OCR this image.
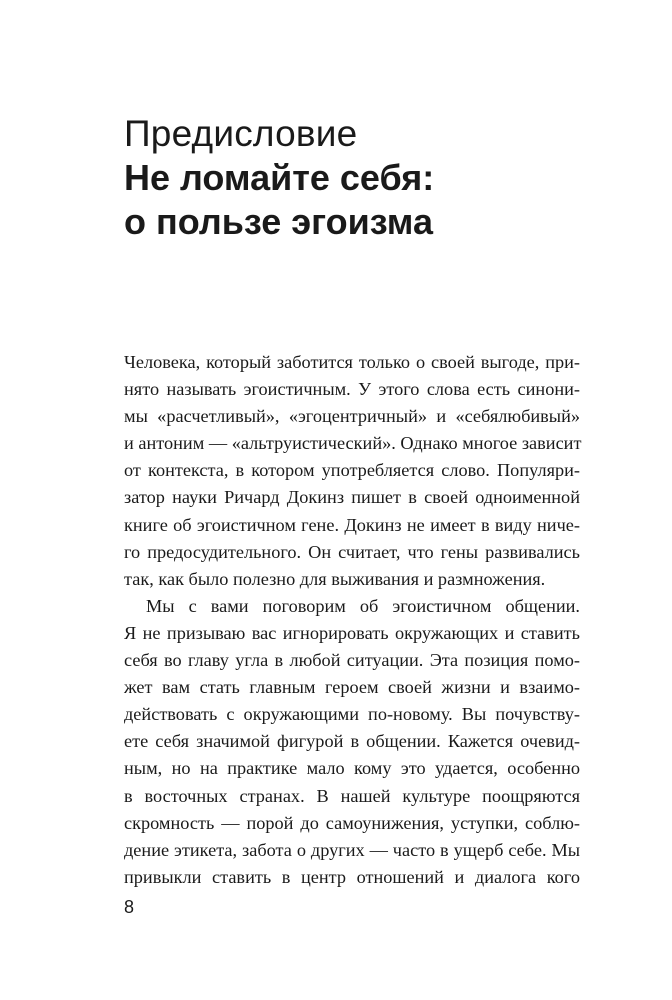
Предисловие
Не ломайте себя:
о пользе эгоизма
Человека, который заботится только о своей выгоде, при-
нято называть эгоистичным. У этого слова есть синони-
мы «расчетливый», «эгоцентричный» и «себялюбивый»
и антоним — «альтруистический». Однако многое зависит
от контекста, в котором употребляется слово. Популяри-
затор науки Ричард Докинз пишет в своей одноименной
книге об эгоистичном гене. Докинз не имеет в виду ниче-
го предосудительного. Он считает, что гены развивались
так, как было полезно для выживания и размножения.
Мы с вами поговорим об эгоистичном общении.
Я не призываю вас игнорировать окружающих и ставить
себя во главу угла в любой ситуации. Эта позиция помо-
жет вам стать главным героем своей жизни и взаимо-
действовать с окружающими по-новому. Вы почувству-
ете себя значимой фигурой в общении. Кажется очевид-
ным, но на практике мало кому это удается, особенно
в восточных странах. В нашей культуре поощряются
скромность — порой до самоунижения, уступки, соблю-
дение этикета, забота о других — часто в ущерб себе. Мы
привыкли ставить в центр отношений и диалога кого
8
